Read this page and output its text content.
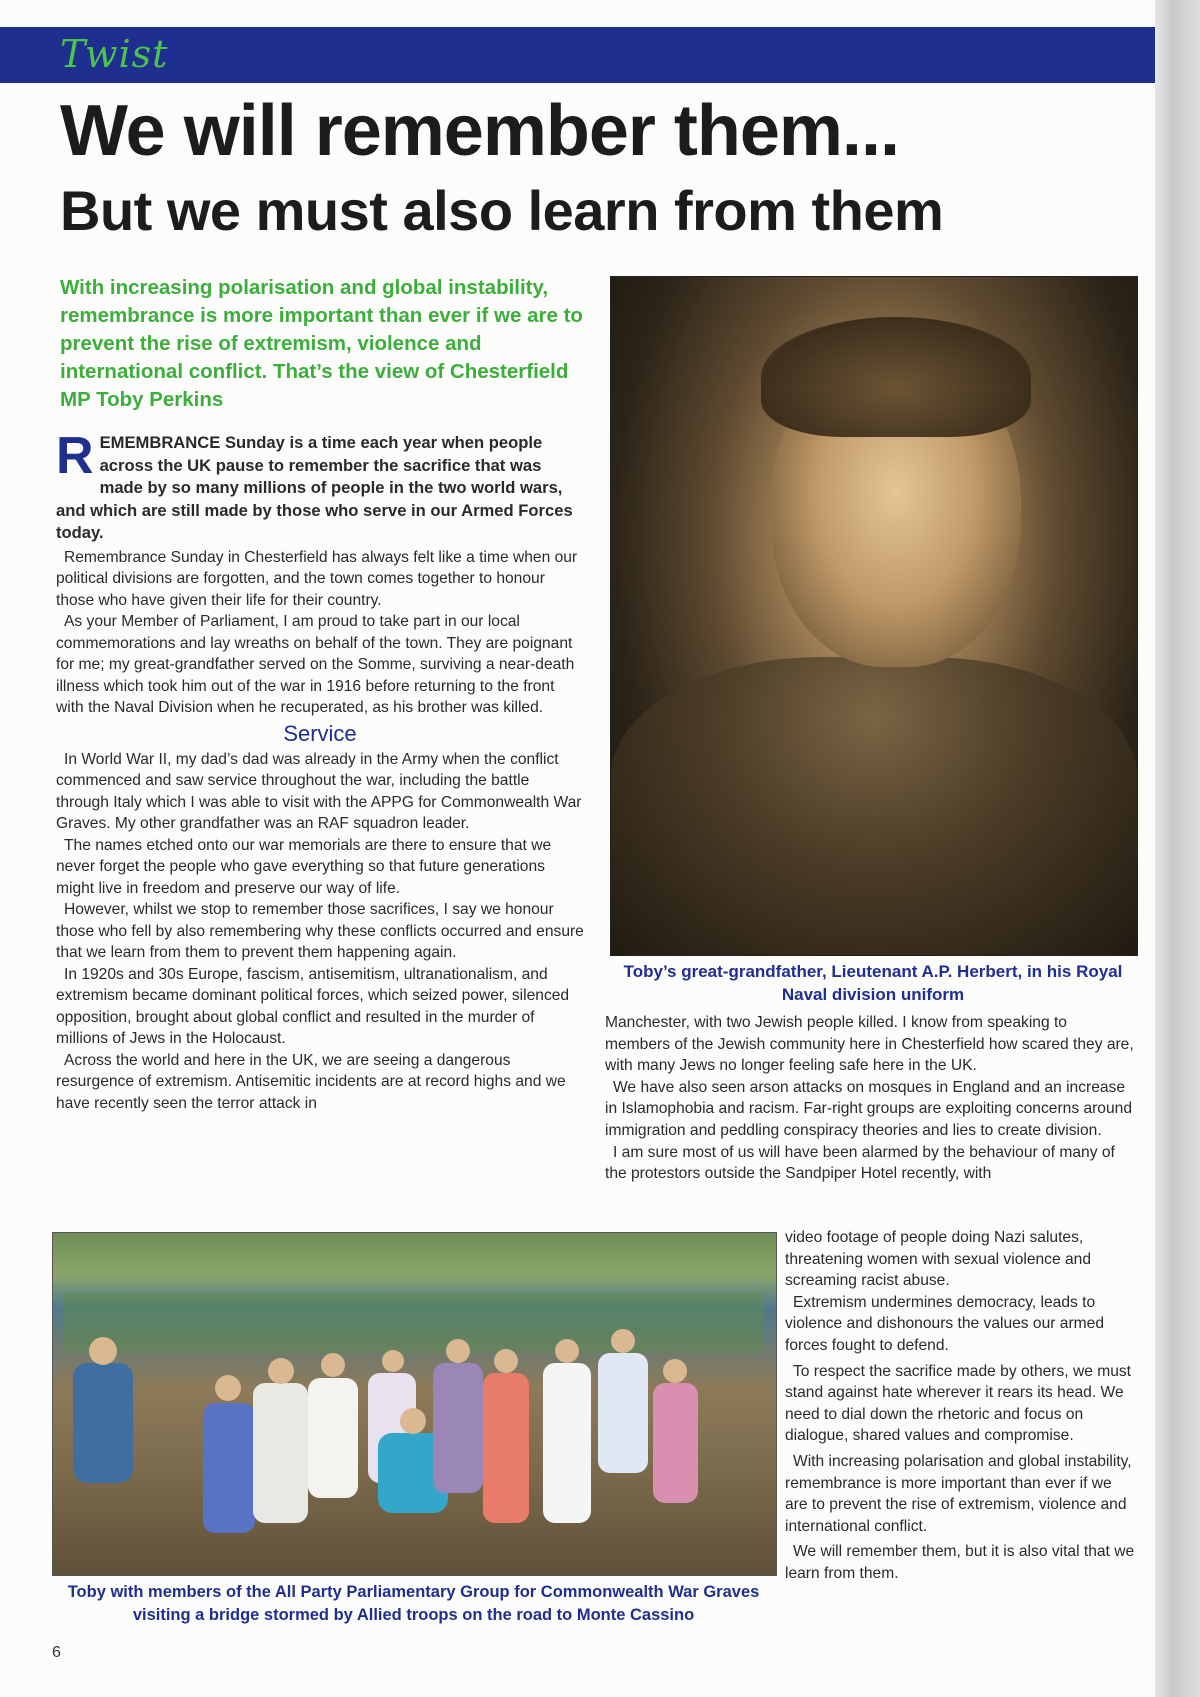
Twist
We will remember them...
But we must also learn from them

With increasing polarisation and global instability, remembrance is more important than ever if we are to prevent the rise of extremism, violence and international conflict. That’s the view of Chesterfield MP Toby Perkins

REMEMBRANCE Sunday is a time each year when people across the UK pause to remember the sacrifice that was made by so many millions of people in the two world wars, and which are still made by those who serve in our Armed Forces today.

Remembrance Sunday in Chesterfield has always felt like a time when our political divisions are forgotten, and the town comes together to honour those who have given their life for their country.

As your Member of Parliament, I am proud to take part in our local commemorations and lay wreaths on behalf of the town. They are poignant for me; my great-grandfather served on the Somme, surviving a near-death illness which took him out of the war in 1916 before returning to the front with the Naval Division when he recuperated, as his brother was killed.

Service

In World War II, my dad’s dad was already in the Army when the conflict commenced and saw service throughout the war, including the battle through Italy which I was able to visit with the APPG for Commonwealth War Graves. My other grandfather was an RAF squadron leader.

The names etched onto our war memorials are there to ensure that we never forget the people who gave everything so that future generations might live in freedom and preserve our way of life.

However, whilst we stop to remember those sacrifices, I say we honour those who fell by also remembering why these conflicts occurred and ensure that we learn from them to prevent them happening again.

In 1920s and 30s Europe, fascism, antisemitism, ultranationalism, and extremism became dominant political forces, which seized power, silenced opposition, brought about global conflict and resulted in the murder of millions of Jews in the Holocaust.

Across the world and here in the UK, we are seeing a dangerous resurgence of extremism. Antisemitic incidents are at record highs and we have recently seen the terror attack in

Toby’s great-grandfather, Lieutenant A.P. Herbert, in his Royal Naval division uniform

Manchester, with two Jewish people killed. I know from speaking to members of the Jewish community here in Chesterfield how scared they are, with many Jews no longer feeling safe here in the UK.

We have also seen arson attacks on mosques in England and an increase in Islamophobia and racism. Far-right groups are exploiting concerns around immigration and peddling conspiracy theories and lies to create division.

I am sure most of us will have been alarmed by the behaviour of many of the protestors outside the Sandpiper Hotel recently, with

Toby with members of the All Party Parliamentary Group for Commonwealth War Graves visiting a bridge stormed by Allied troops on the road to Monte Cassino

video footage of people doing Nazi salutes, threatening women with sexual violence and screaming racist abuse.

Extremism undermines democracy, leads to violence and dishonours the values our armed forces fought to defend.

To respect the sacrifice made by others, we must stand against hate wherever it rears its head. We need to dial down the rhetoric and focus on dialogue, shared values and compromise.

With increasing polarisation and global instability, remembrance is more important than ever if we are to prevent the rise of extremism, violence and international conflict.

We will remember them, but it is also vital that we learn from them.

6
